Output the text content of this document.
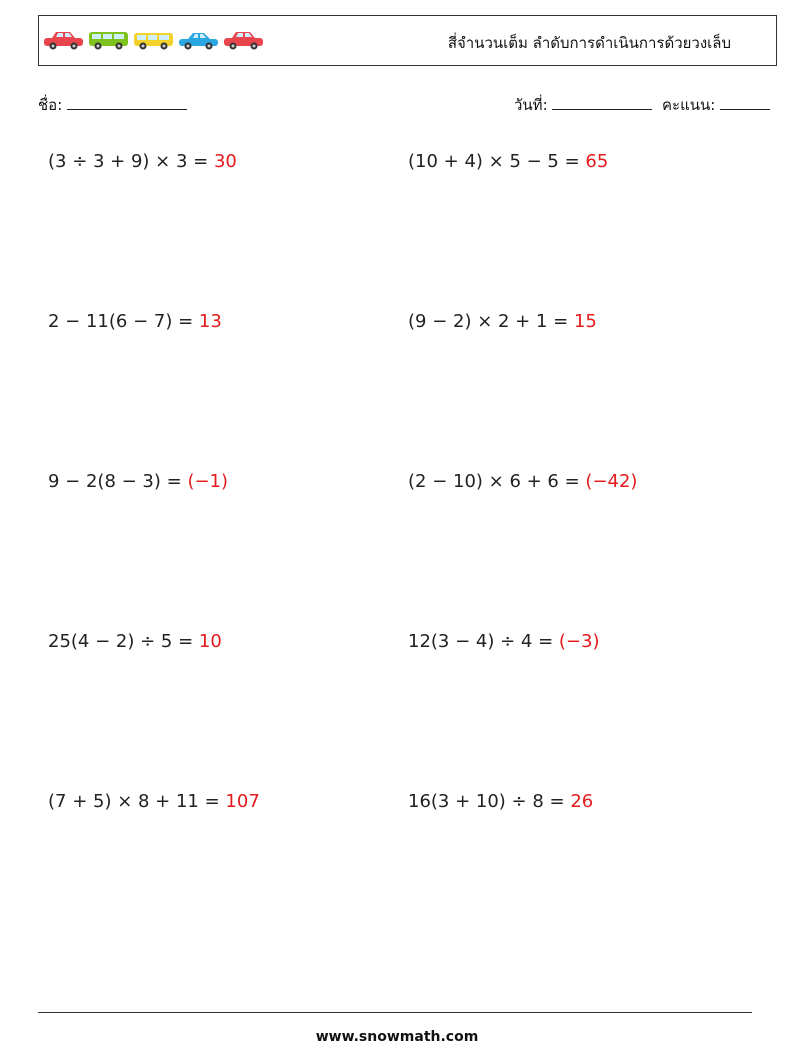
สี่จำนวนเต็ม ลำดับการดำเนินการด้วยวงเล็บ
ชื่อ:	วันที่:	คะแนน:
(3 ÷ 3 + 9) × 3 = 30	(10 + 4) × 5 − 5 = 65
2 − 11(6 − 7) = 13	(9 − 2) × 2 + 1 = 15
9 − 2(8 − 3) = (−1)	(2 − 10) × 6 + 6 = (−42)
25(4 − 2) ÷ 5 = 10	12(3 − 4) ÷ 4 = (−3)
(7 + 5) × 8 + 11 = 107	16(3 + 10) ÷ 8 = 26
www.snowmath.com
